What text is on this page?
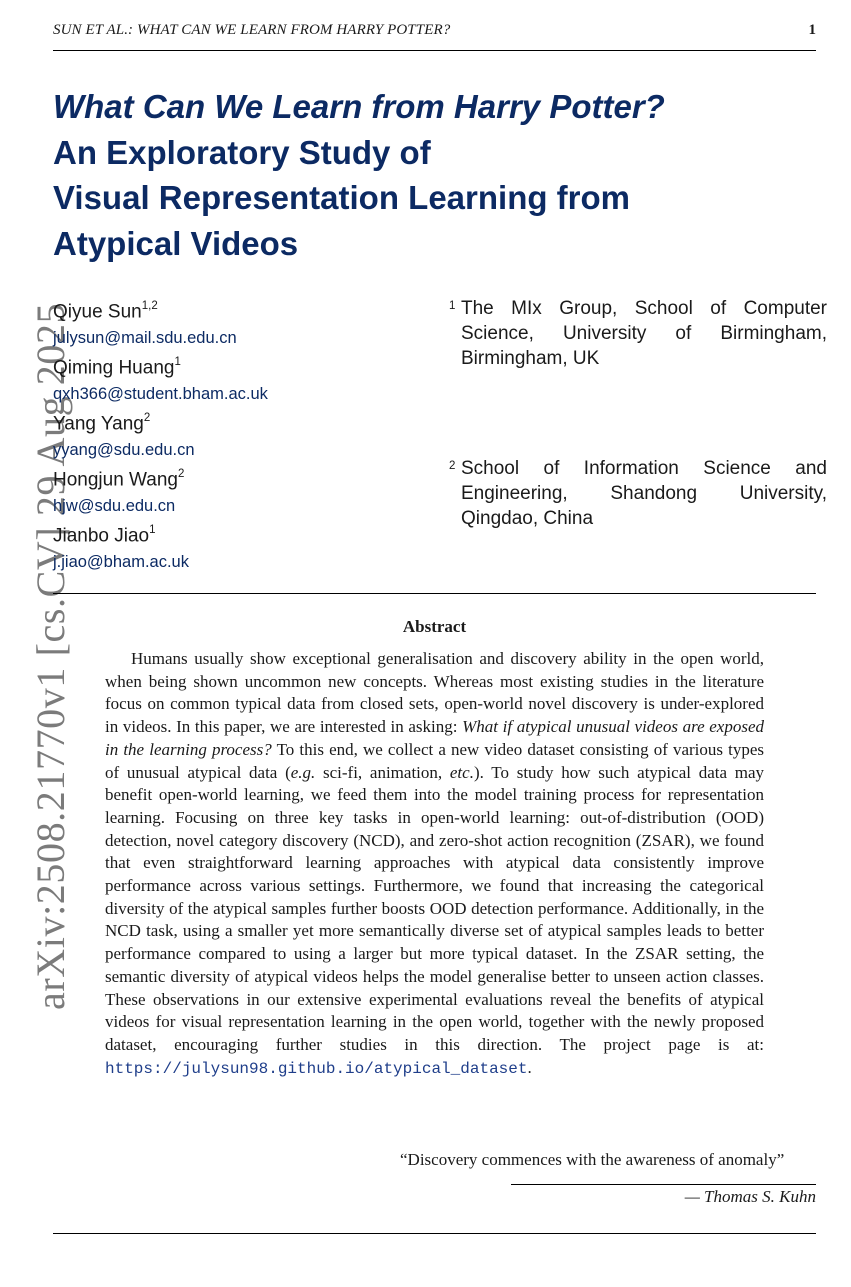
SUN ET AL.: WHAT CAN WE LEARN FROM HARRY POTTER?	1
What Can We Learn from Harry Potter?
An Exploratory Study of
Visual Representation Learning from
Atypical Videos
arXiv:2508.21770v1 [cs.CV] 29 Aug 2025
Qiyue Sun$^{1,2}$
julysun@mail.sdu.edu.cn
Qiming Huang$^1$
qxh366@student.bham.ac.uk
Yang Yang$^2$
yyang@sdu.edu.cn
Hongjun Wang$^2$
hjw@sdu.edu.cn
Jianbo Jiao$^1$
j.jiao@bham.ac.uk
1 The MIx Group, School of Computer Science, University of Birmingham, Birmingham, UK
2 School of Information Science and Engineering, Shandong University, Qingdao, China
Abstract

Humans usually show exceptional generalisation and discovery ability in the open world, when being shown uncommon new concepts. Whereas most existing studies in the literature focus on common typical data from closed sets, open-world novel discovery is under-explored in videos. In this paper, we are interested in asking: What if atypical unusual videos are exposed in the learning process? To this end, we collect a new video dataset consisting of various types of unusual atypical data (e.g. sci-fi, animation, etc.). To study how such atypical data may benefit open-world learning, we feed them into the model training process for representation learning. Focusing on three key tasks in open-world learning: out-of-distribution (OOD) detection, novel category discovery (NCD), and zero-shot action recognition (ZSAR), we found that even straightforward learning approaches with atypical data consistently improve performance across various settings. Furthermore, we found that increasing the categorical diversity of the atypical samples further boosts OOD detection performance. Additionally, in the NCD task, using a smaller yet more semantically diverse set of atypical samples leads to better performance compared to using a larger but more typical dataset. In the ZSAR setting, the semantic diversity of atypical videos helps the model generalise better to unseen action classes. These observations in our extensive experimental evaluations reveal the benefits of atypical videos for visual representation learning in the open world, together with the newly proposed dataset, encouraging further studies in this direction. The project page is at: https://julysun98.github.io/atypical_dataset.

“Discovery commences with the awareness of anomaly”
— Thomas S. Kuhn
